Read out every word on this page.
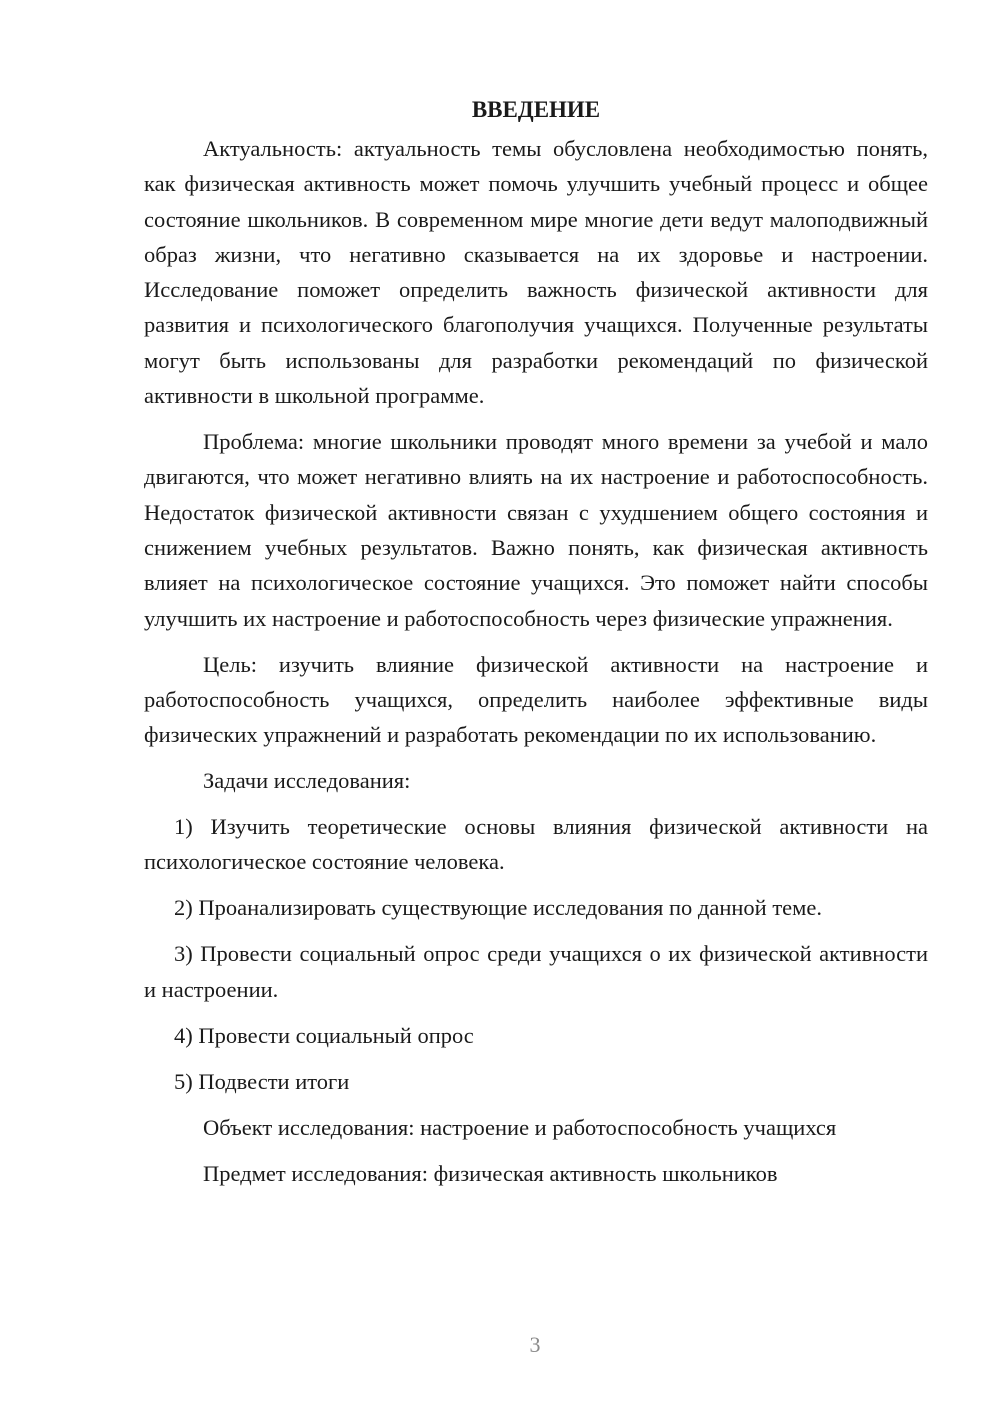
ВВЕДЕНИЕ

Актуальность: актуальность темы обусловлена необходимостью понять, как физическая активность может помочь улучшить учебный процесс и общее состояние школьников. В современном мире многие дети ведут малоподвижный образ жизни, что негативно сказывается на их здоровье и настроении. Исследование поможет определить важность физической активности для развития и психологического благополучия учащихся. Полученные результаты могут быть использованы для разработки рекомендаций по физической активности в школьной программе.

Проблема: многие школьники проводят много времени за учебой и мало двигаются, что может негативно влиять на их настроение и работоспособность. Недостаток физической активности связан с ухудшением общего состояния и снижением учебных результатов. Важно понять, как физическая активность влияет на психологическое состояние учащихся. Это поможет найти способы улучшить их настроение и работоспособность через физические упражнения.

Цель: изучить влияние физической активности на настроение и работоспособность учащихся, определить наиболее эффективные виды физических упражнений и разработать рекомендации по их использованию.

Задачи исследования:

1) Изучить теоретические основы влияния физической активности на психологическое состояние человека.

2) Проанализировать существующие исследования по данной теме.

3) Провести социальный опрос среди учащихся о их физической активности и настроении.

4) Провести социальный опрос

5) Подвести итоги

Объект исследования: настроение и работоспособность учащихся

Предмет исследования: физическая активность школьников

3
